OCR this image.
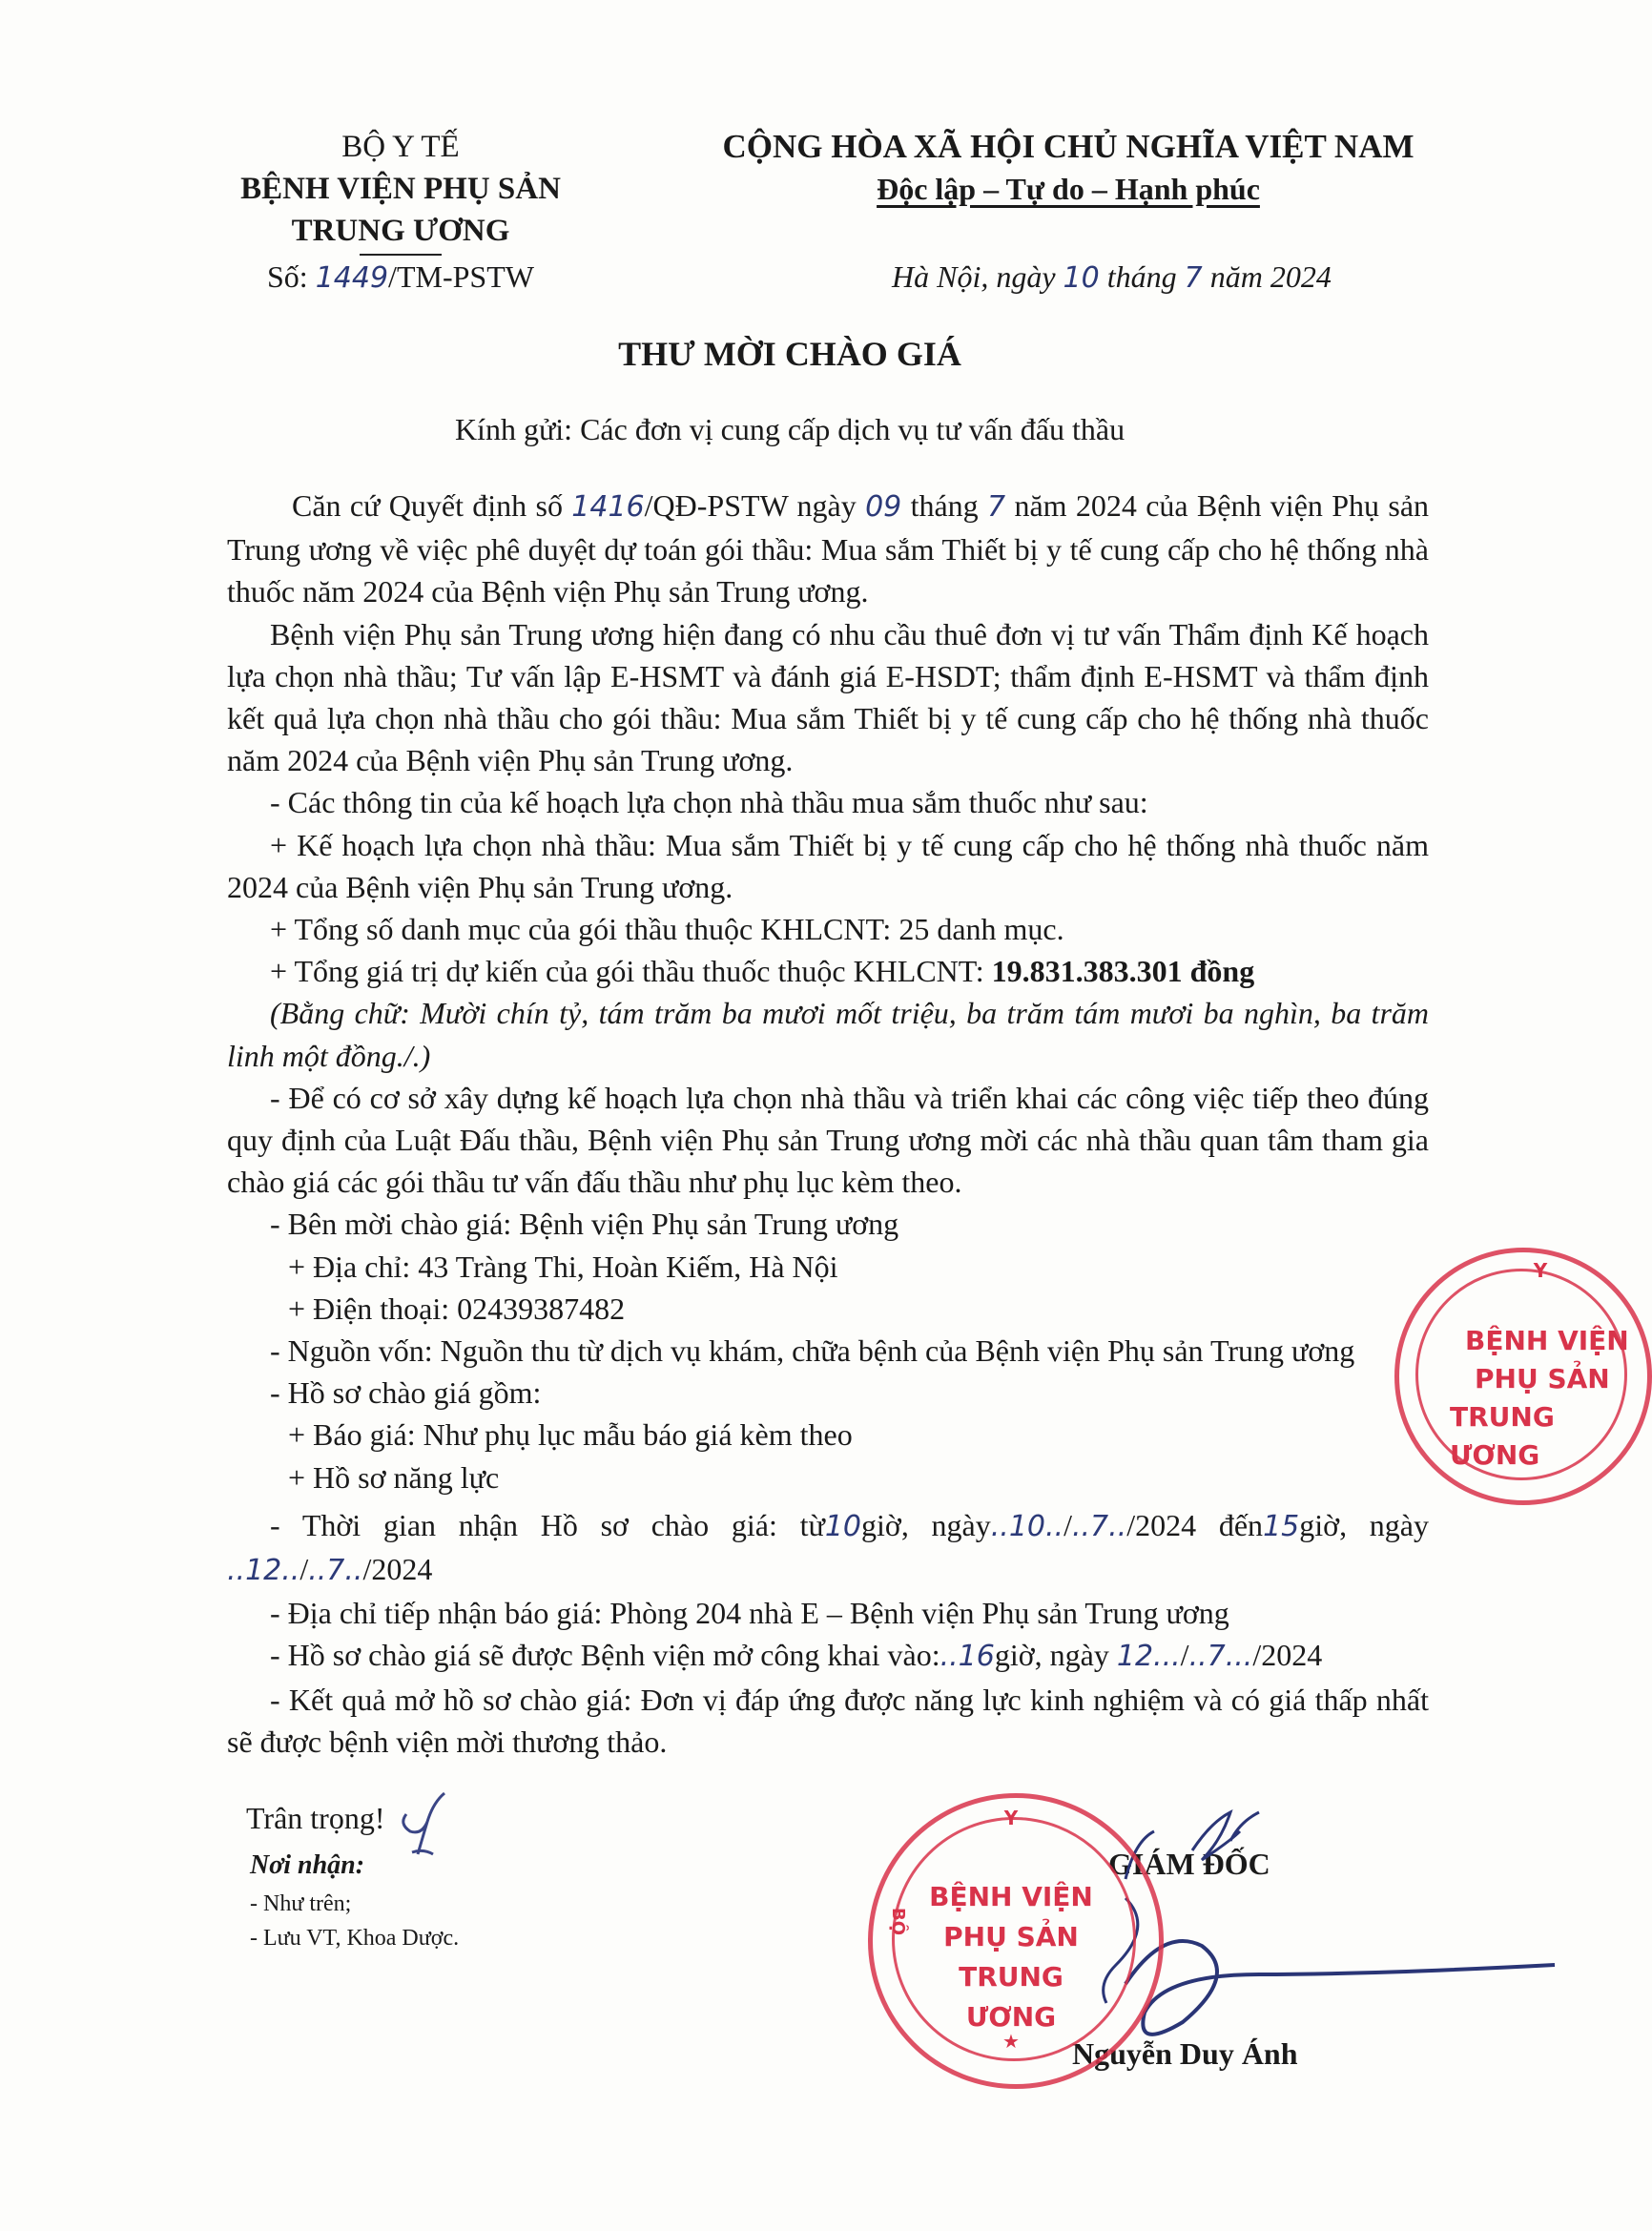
BỘ Y TẾ
BỆNH VIỆN PHỤ SẢN
TRUNG ƯƠNG
CỘNG HÒA XÃ HỘI CHỦ NGHĨA VIỆT NAM
Độc lập – Tự do – Hạnh phúc
Số: 1449/TM-PSTW	Hà Nội, ngày 10 tháng 7 năm 2024
THƯ MỜI CHÀO GIÁ
Kính gửi: Các đơn vị cung cấp dịch vụ tư vấn đấu thầu

Căn cứ Quyết định số 1416/QĐ-PSTW ngày 09 tháng 7 năm 2024 của Bệnh viện Phụ sản Trung ương về việc phê duyệt dự toán gói thầu: Mua sắm Thiết bị y tế cung cấp cho hệ thống nhà thuốc năm 2024 của Bệnh viện Phụ sản Trung ương.

Bệnh viện Phụ sản Trung ương hiện đang có nhu cầu thuê đơn vị tư vấn Thẩm định Kế hoạch lựa chọn nhà thầu; Tư vấn lập E-HSMT và đánh giá E-HSDT; thẩm định E-HSMT và thẩm định kết quả lựa chọn nhà thầu cho gói thầu: Mua sắm Thiết bị y tế cung cấp cho hệ thống nhà thuốc năm 2024 của Bệnh viện Phụ sản Trung ương.

- Các thông tin của kế hoạch lựa chọn nhà thầu mua sắm thuốc như sau:

+ Kế hoạch lựa chọn nhà thầu: Mua sắm Thiết bị y tế cung cấp cho hệ thống nhà thuốc năm 2024 của Bệnh viện Phụ sản Trung ương.

+ Tổng số danh mục của gói thầu thuộc KHLCNT: 25 danh mục.

+ Tổng giá trị dự kiến của gói thầu thuốc thuộc KHLCNT: 19.831.383.301 đồng

(Bằng chữ: Mười chín tỷ, tám trăm ba mươi mốt triệu, ba trăm tám mươi ba nghìn, ba trăm linh một đồng./.)

- Để có cơ sở xây dựng kế hoạch lựa chọn nhà thầu và triển khai các công việc tiếp theo đúng quy định của Luật Đấu thầu, Bệnh viện Phụ sản Trung ương mời các nhà thầu quan tâm tham gia chào giá các gói thầu tư vấn đấu thầu như phụ lục kèm theo.

- Bên mời chào giá: Bệnh viện Phụ sản Trung ương

+ Địa chỉ: 43 Tràng Thi, Hoàn Kiếm, Hà Nội

+ Điện thoại: 02439387482

- Nguồn vốn: Nguồn thu từ dịch vụ khám, chữa bệnh của Bệnh viện Phụ sản Trung ương

- Hồ sơ chào giá gồm:

+ Báo giá: Như phụ lục mẫu báo giá kèm theo

+ Hồ sơ năng lực

- Thời gian nhận Hồ sơ chào giá: từ10giờ, ngày..10../..7../2024 đến15giờ, ngày ..12../..7../2024

- Địa chỉ tiếp nhận báo giá: Phòng 204 nhà E – Bệnh viện Phụ sản Trung ương

- Hồ sơ chào giá sẽ được Bệnh viện mở công khai vào:..16giờ, ngày 12.../..7.../2024

- Kết quả mở hồ sơ chào giá: Đơn vị đáp ứng được năng lực kinh nghiệm và có giá thấp nhất sẽ được bệnh viện mời thương thảo.

Trân trọng!
Nơi nhận:
- Như trên;
- Lưu VT, Khoa Dược.
GIÁM ĐỐC
Nguyễn Duy Ánh
Y
BỆNH VIỆN
PHỤ SẢN
TRUNG ƯƠNG
Y
BỘ
BỆNH VIỆN
PHỤ SẢN
TRUNG ƯƠNG
★
